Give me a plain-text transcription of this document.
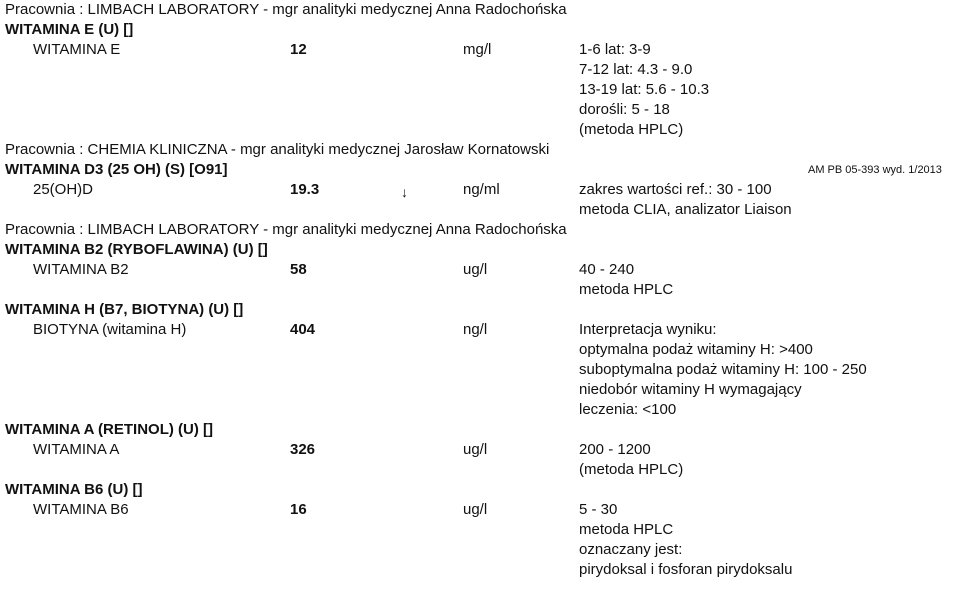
Pracownia : LIMBACH LABORATORY - mgr analityki medycznej Anna Radochońska
WITAMINA E (U) []
WITAMINA E	12	mg/l	1-6 lat: 3-9
7-12 lat: 4.3 - 9.0
13-19 lat: 5.6 - 10.3
dorośli: 5 - 18
(metoda HPLC)
Pracownia : CHEMIA KLINICZNA - mgr analityki medycznej Jarosław Kornatowski
WITAMINA D3 (25 OH) (S) [O91]	AM PB 05-393 wyd. 1/2013
25(OH)D	19.3	↓	ng/ml	zakres wartości ref.: 30 - 100
metoda CLIA, analizator Liaison
Pracownia : LIMBACH LABORATORY - mgr analityki medycznej Anna Radochońska
WITAMINA B2 (RYBOFLAWINA) (U) []
WITAMINA B2	58	ug/l	40 - 240
metoda HPLC
WITAMINA H (B7, BIOTYNA) (U) []
BIOTYNA (witamina H)	404	ng/l	Interpretacja wyniku:
optymalna podaż witaminy H: >400
suboptymalna podaż witaminy H: 100 - 250
niedobór witaminy H wymagający
leczenia: <100
WITAMINA A (RETINOL) (U) []
WITAMINA A	326	ug/l	200 - 1200
(metoda HPLC)
WITAMINA B6 (U) []
WITAMINA B6	16	ug/l	5 - 30
metoda HPLC
oznaczany jest:
pirydoksal i fosforan pirydoksalu
